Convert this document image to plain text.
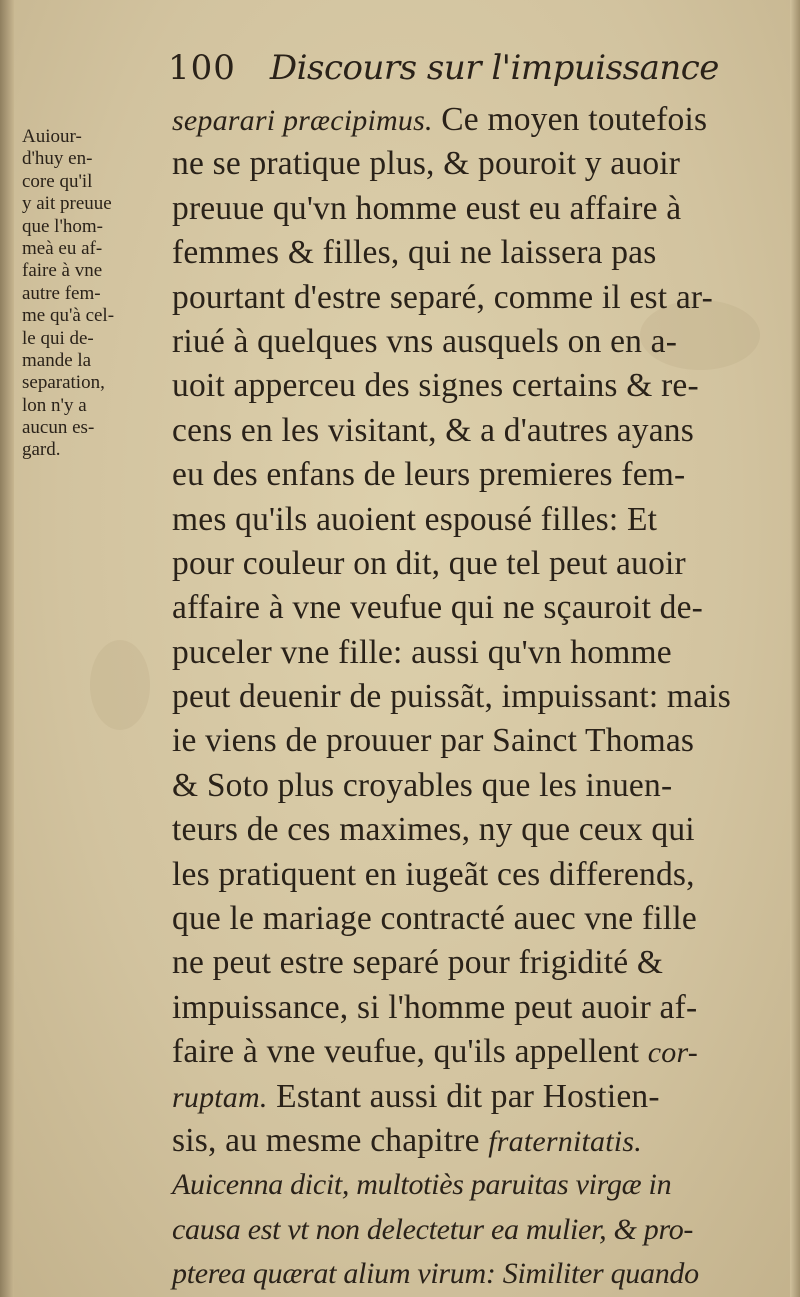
100 Discours sur l'impuissance
Auiour-
d'huy en-
core qu'il
y ait preuue
que l'hom-
meà eu af-
faire à vne
autre fem-
me qu'à cel-
le qui de-
mande la
separation,
lon n'y a
aucun es-
gard.
separari præcipimus. Ce moyen toutefois
ne se pratique plus, & pouroit y auoir
preuue qu'vn homme eust eu affaire à
femmes & filles, qui ne laissera pas
pourtant d'estre separé, comme il est ar-
riué à quelques vns ausquels on en a-
uoit apperceu des signes certains & re-
cens en les visitant, & a d'autres ayans
eu des enfans de leurs premieres fem-
mes qu'ils auoient espousé filles: Et
pour couleur on dit, que tel peut auoir
affaire à vne veufue qui ne sçauroit de-
puceler vne fille: aussi qu'vn homme
peut deuenir de puissãt, impuissant: mais
ie viens de prouuer par Sainct Thomas
& Soto plus croyables que les inuen-
teurs de ces maximes, ny que ceux qui
les pratiquent en iugeãt ces differends,
que le mariage contracté auec vne fille
ne peut estre separé pour frigidité &
impuissance, si l'homme peut auoir af-
faire à vne veufue, qu'ils appellent cor-
ruptam. Estant aussi dit par Hostien-
sis, au mesme chapitre fraternitatis.
Auicenna dicit, multotiès paruitas virgæ in
causa est vt non delectetur ea mulier, & pro-
pterea quærat alium virum: Similiter quando
